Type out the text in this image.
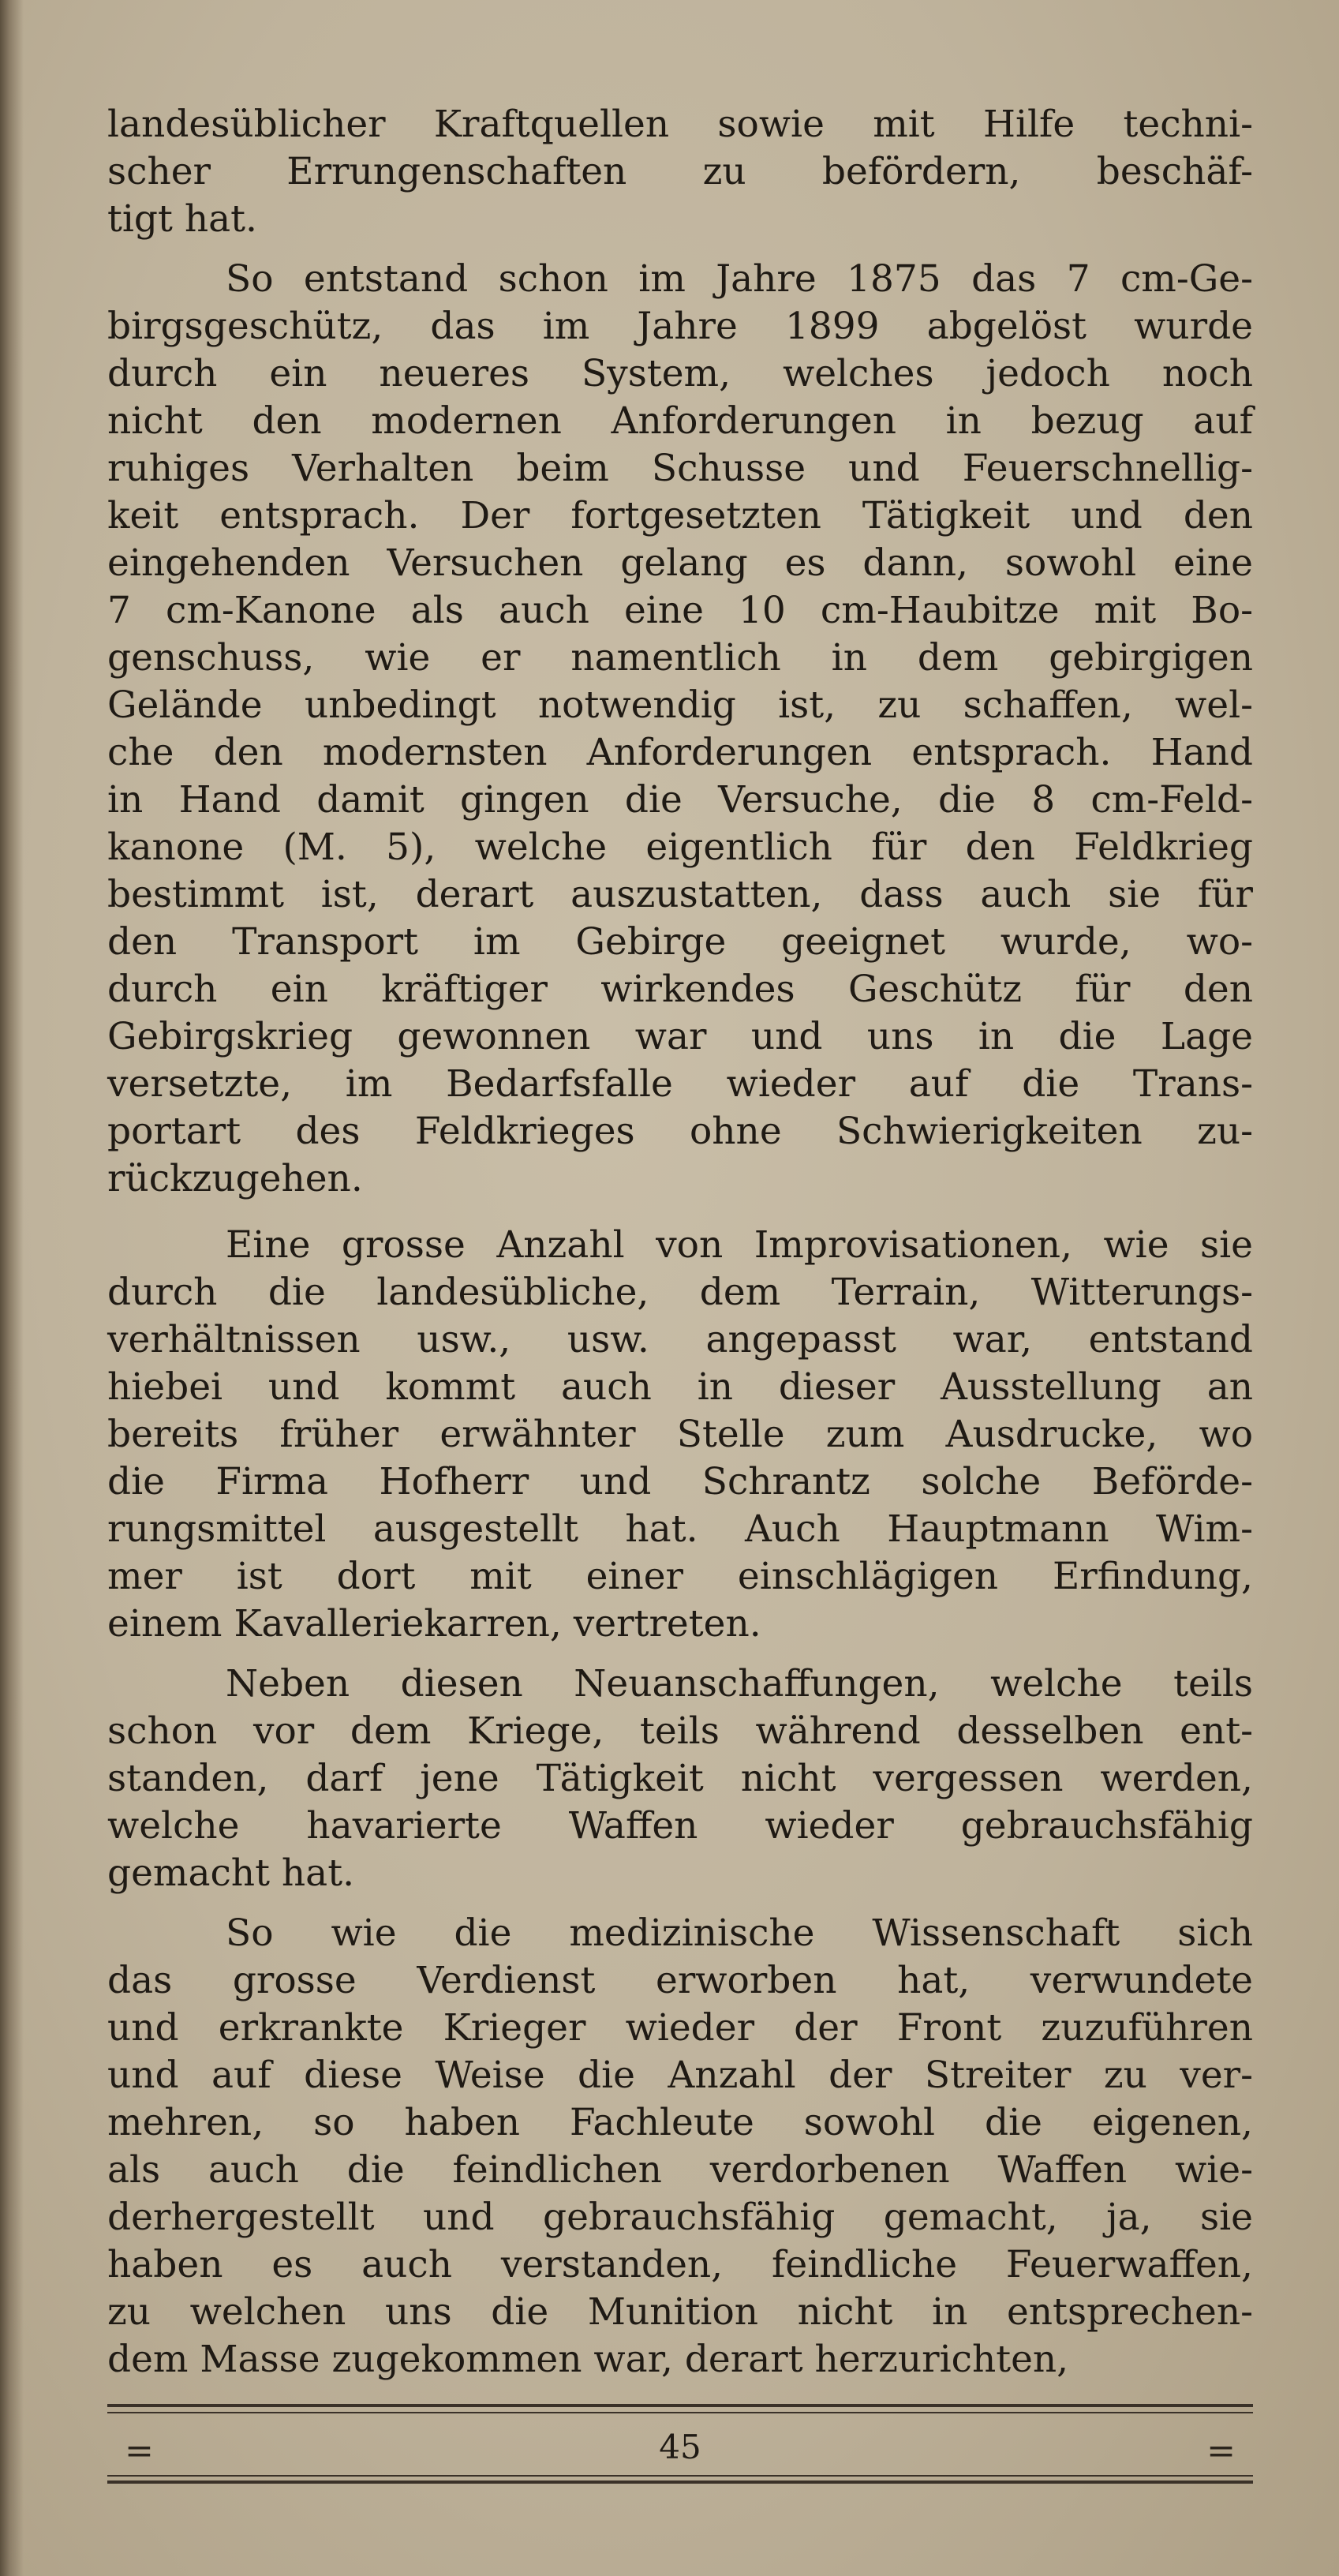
landesüblicher Kraftquellen sowie mit Hilfe techni-
scher Errungenschaften zu befördern, beschäf-
tigt hat.

So entstand schon im Jahre 1875 das 7 cm-Ge-
birgsgeschütz, das im Jahre 1899 abgelöst wurde
durch ein neueres System, welches jedoch noch
nicht den modernen Anforderungen in bezug auf
ruhiges Verhalten beim Schusse und Feuerschnellig-
keit entsprach. Der fortgesetzten Tätigkeit und den
eingehenden Versuchen gelang es dann, sowohl eine
7 cm-Kanone als auch eine 10 cm-Haubitze mit Bo-
genschuss, wie er namentlich in dem gebirgigen
Gelände unbedingt notwendig ist, zu schaffen, wel-
che den modernsten Anforderungen entsprach. Hand
in Hand damit gingen die Versuche, die 8 cm-Feld-
kanone (M. 5), welche eigentlich für den Feldkrieg
bestimmt ist, derart auszustatten, dass auch sie für
den Transport im Gebirge geeignet wurde, wo-
durch ein kräftiger wirkendes Geschütz für den
Gebirgskrieg gewonnen war und uns in die Lage
versetzte, im Bedarfsfalle wieder auf die Trans-
portart des Feldkrieges ohne Schwierigkeiten zu-
rückzugehen.

Eine grosse Anzahl von Improvisationen, wie sie
durch die landesübliche, dem Terrain, Witterungs-
verhältnissen usw., usw. angepasst war, entstand
hiebei und kommt auch in dieser Ausstellung an
bereits früher erwähnter Stelle zum Ausdrucke, wo
die Firma Hofherr und Schrantz solche Beförde-
rungsmittel ausgestellt hat. Auch Hauptmann Wim-
mer ist dort mit einer einschlägigen Erfindung,
einem Kavalleriekarren, vertreten.

Neben diesen Neuanschaffungen, welche teils
schon vor dem Kriege, teils während desselben ent-
standen, darf jene Tätigkeit nicht vergessen werden,
welche havarierte Waffen wieder gebrauchsfähig
gemacht hat.

So wie die medizinische Wissenschaft sich
das grosse Verdienst erworben hat, verwundete
und erkrankte Krieger wieder der Front zuzuführen
und auf diese Weise die Anzahl der Streiter zu ver-
mehren, so haben Fachleute sowohl die eigenen,
als auch die feindlichen verdorbenen Waffen wie-
derhergestellt und gebrauchsfähig gemacht, ja, sie
haben es auch verstanden, feindliche Feuerwaffen,
zu welchen uns die Munition nicht in entsprechen-
dem Masse zugekommen war, derart herzurichten,

=	45	=
